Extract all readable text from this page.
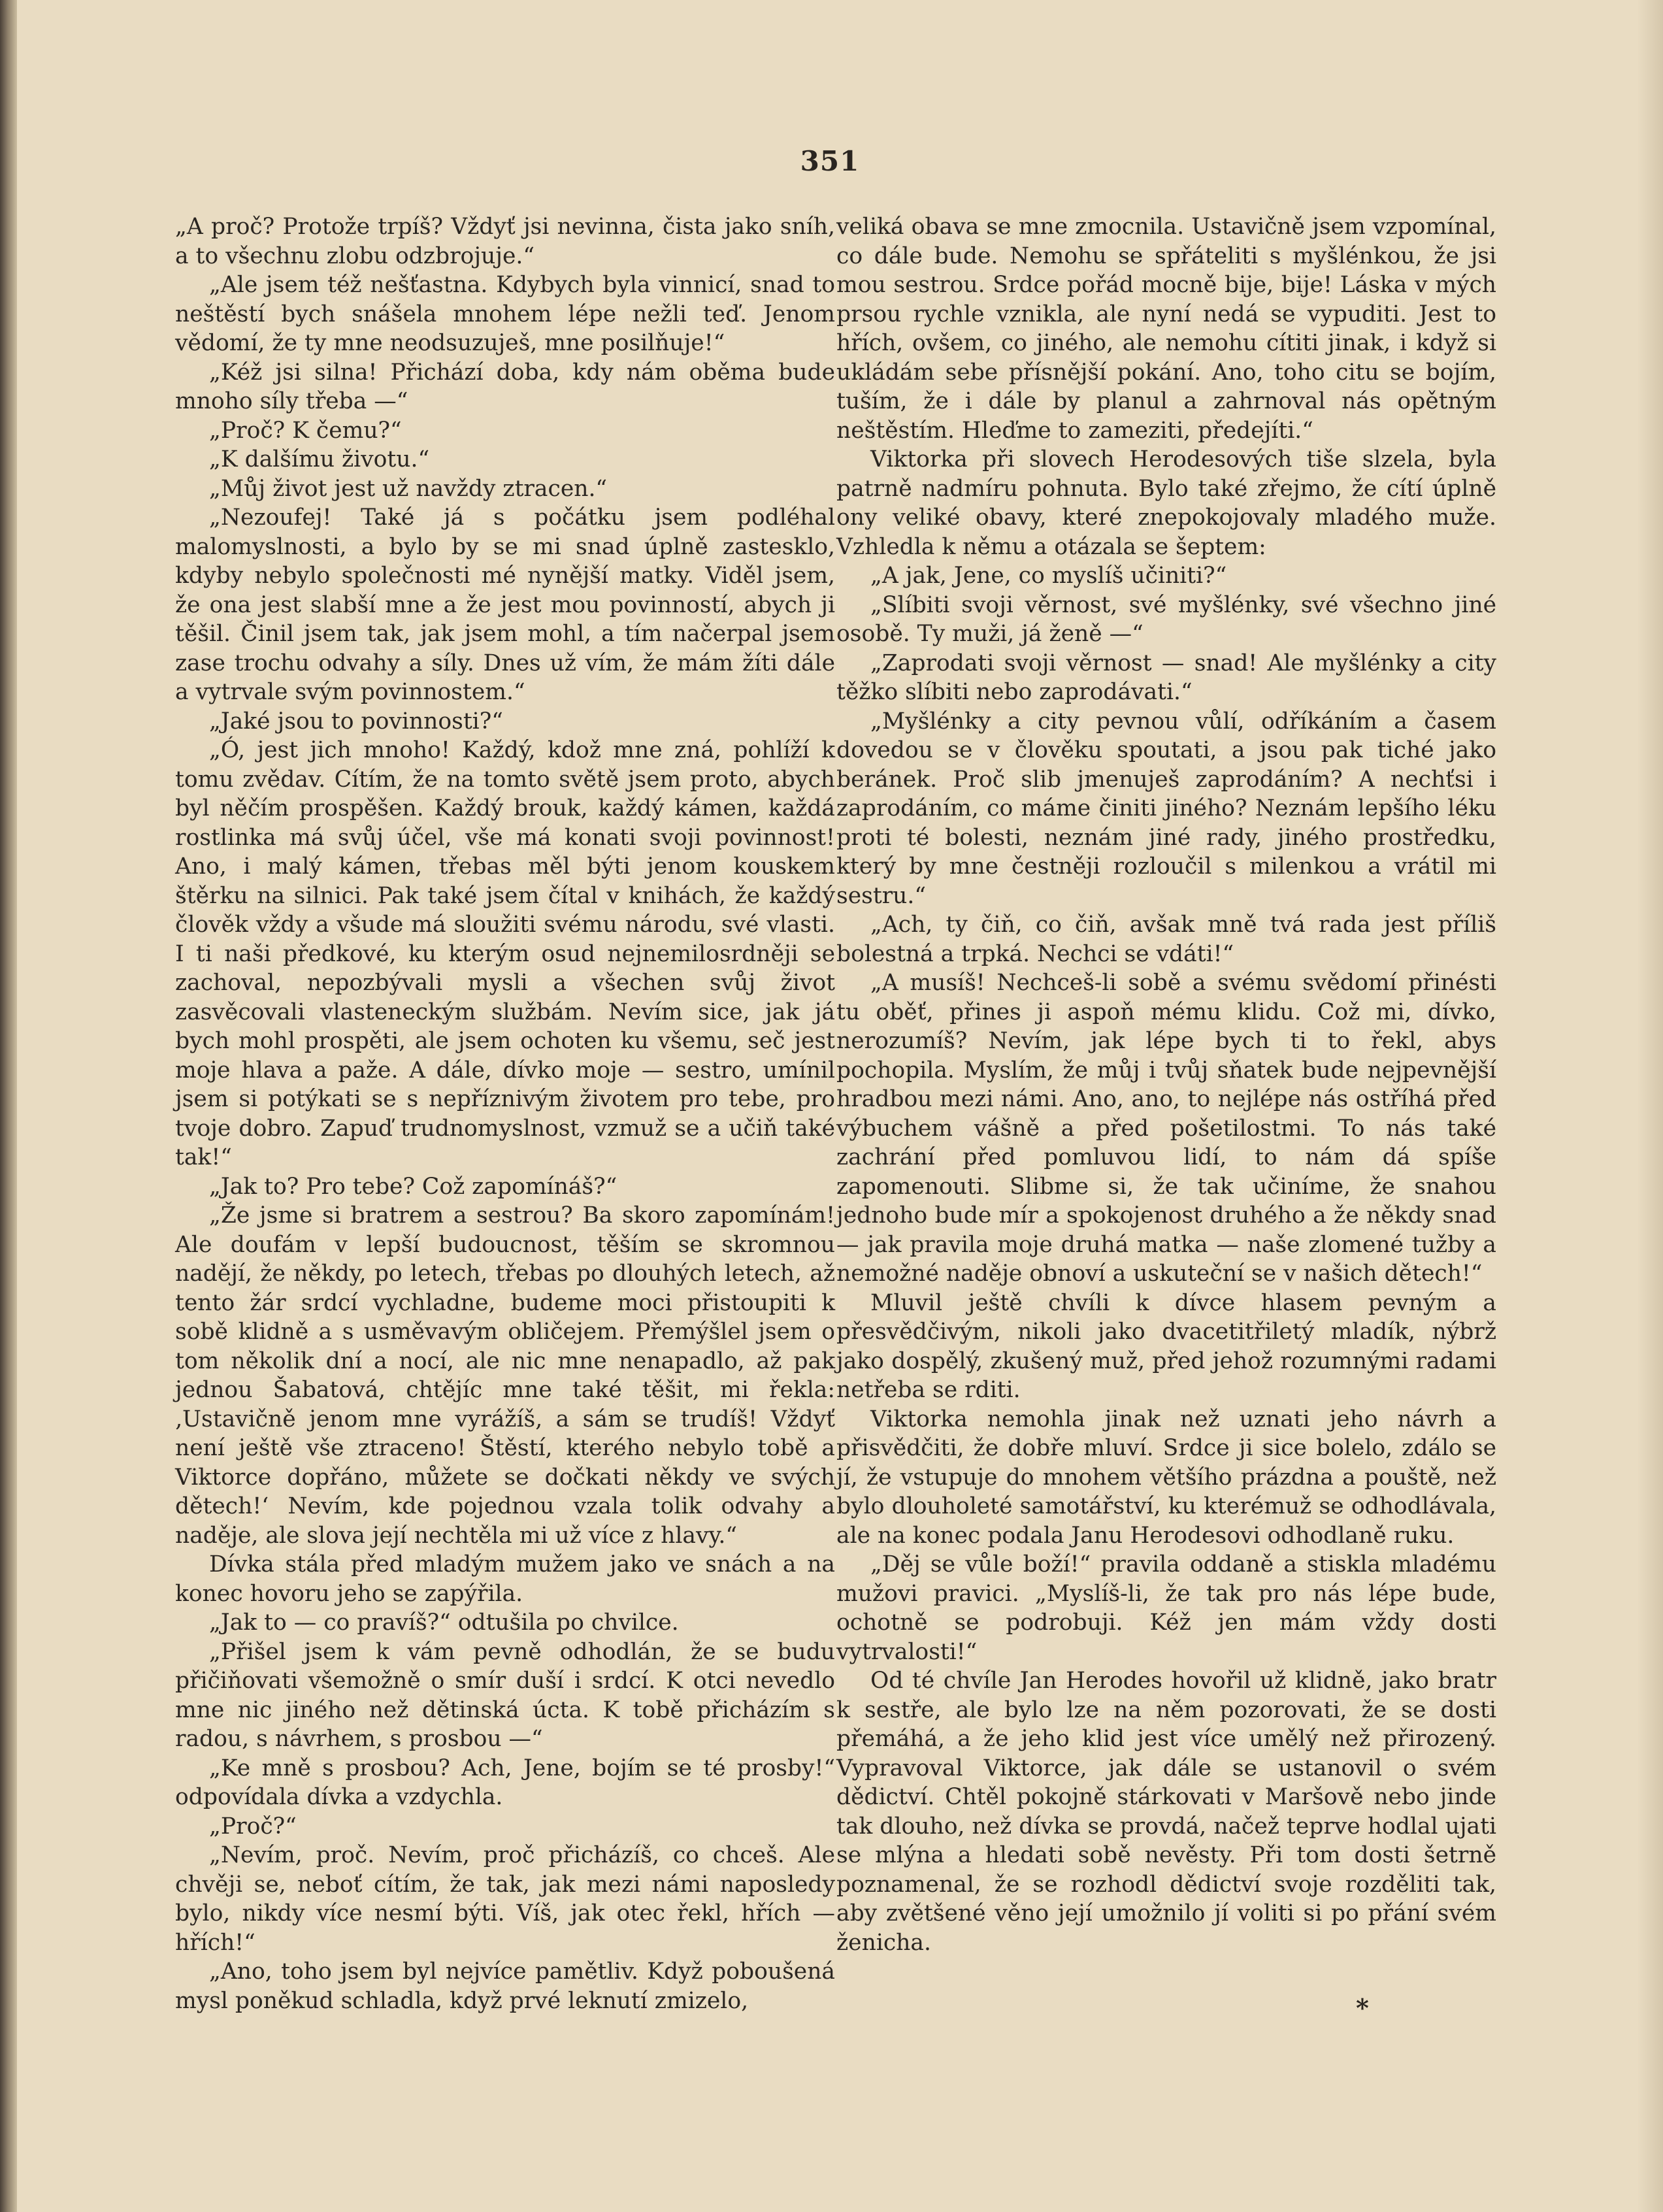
351

„A proč? Protože trpíš? Vždyť jsi nevinna, čista jako sníh, a to všechnu zlobu odzbrojuje.“

„Ale jsem též nešťastna. Kdybych byla vinnicí, snad to neštěstí bych snášela mnohem lépe nežli teď. Jenom vědomí, že ty mne neodsuzuješ, mne posilňuje!“

„Kéž jsi silna! Přichází doba, kdy nám oběma bude mnoho síly třeba —“

„Proč? K čemu?“

„K dalšímu životu.“

„Můj život jest už navždy ztracen.“

„Nezoufej! Také já s počátku jsem podléhal malomyslnosti, a bylo by se mi snad úplně zastesklo, kdyby nebylo společnosti mé nynější matky. Viděl jsem, že ona jest slabší mne a že jest mou povinností, abych ji těšil. Činil jsem tak, jak jsem mohl, a tím načerpal jsem zase trochu odvahy a síly. Dnes už vím, že mám žíti dále a vytrvale svým povinnostem.“

„Jaké jsou to povinnosti?“

„Ó, jest jich mnoho! Každý, kdož mne zná, pohlíží k tomu zvědav. Cítím, že na tomto světě jsem proto, abych byl něčím prospěšen. Každý brouk, každý kámen, každá rostlinka má svůj účel, vše má konati svoji povinnost! Ano, i malý kámen, třebas měl býti jenom kouskem štěrku na silnici. Pak také jsem čítal v knihách, že každý člověk vždy a všude má sloužiti svému národu, své vlasti. I ti naši předkové, ku kterým osud nejnemilosrdněji se zachoval, nepozbývali mysli a všechen svůj život zasvěcovali vlasteneckým službám. Nevím sice, jak já bych mohl prospěti, ale jsem ochoten ku všemu, seč jest moje hlava a paže. A dále, dívko moje — sestro, umínil jsem si potýkati se s nepříznivým životem pro tebe, pro tvoje dobro. Zapuď trudnomyslnost, vzmuž se a učiň také tak!“

„Jak to? Pro tebe? Což zapomínáš?“

„Že jsme si bratrem a sestrou? Ba skoro zapomínám! Ale doufám v lepší budoucnost, těším se skromnou nadějí, že někdy, po letech, třebas po dlouhých letech, až tento žár srdcí vychladne, budeme moci přistoupiti k sobě klidně a s usměvavým obličejem. Přemýšlel jsem o tom několik dní a nocí, ale nic mne nenapadlo, až pak jednou Šabatová, chtějíc mne také těšit, mi řekla: ‚Ustavičně jenom mne vyrážíš, a sám se trudíš! Vždyť není ještě vše ztraceno! Štěstí, kterého nebylo tobě a Viktorce dopřáno, můžete se dočkati někdy ve svých dětech!‘ Nevím, kde pojednou vzala tolik odvahy a naděje, ale slova její nechtěla mi už více z hlavy.“

Dívka stála před mladým mužem jako ve snách a na konec hovoru jeho se zapýřila.

„Jak to — co pravíš?“ odtušila po chvilce.

„Přišel jsem k vám pevně odhodlán, že se budu přičiňovati všemožně o smír duší i srdcí. K otci nevedlo mne nic jiného než dětinská úcta. K tobě přicházím s radou, s návrhem, s prosbou —“

„Ke mně s prosbou? Ach, Jene, bojím se té prosby!“ odpovídala dívka a vzdychla.

„Proč?“

„Nevím, proč. Nevím, proč přicházíš, co chceš. Ale chvěji se, neboť cítím, že tak, jak mezi námi naposledy bylo, nikdy více nesmí býti. Víš, jak otec řekl, hřích — hřích!“

„Ano, toho jsem byl nejvíce pamětliv. Když poboušená mysl poněkud schladla, když prvé leknutí zmizelo,

veliká obava se mne zmocnila. Ustavičně jsem vzpomínal, co dále bude. Nemohu se spřáteliti s myšlénkou, že jsi mou sestrou. Srdce pořád mocně bije, bije! Láska v mých prsou rychle vznikla, ale nyní nedá se vypuditi. Jest to hřích, ovšem, co jiného, ale nemohu cítiti jinak, i když si ukládám sebe přísnější pokání. Ano, toho citu se bojím, tuším, že i dále by planul a zahrnoval nás opětným neštěstím. Hleďme to zameziti, předejíti.“

Viktorka při slovech Herodesových tiše slzela, byla patrně nadmíru pohnuta. Bylo také zřejmo, že cítí úplně ony veliké obavy, které znepokojovaly mladého muže. Vzhledla k němu a otázala se šeptem:

„A jak, Jene, co myslíš učiniti?“

„Slíbiti svoji věrnost, své myšlénky, své všechno jiné osobě. Ty muži, já ženě —“

„Zaprodati svoji věrnost — snad! Ale myšlénky a city těžko slíbiti nebo zaprodávati.“

„Myšlénky a city pevnou vůlí, odříkáním a časem dovedou se v člověku spoutati, a jsou pak tiché jako beránek. Proč slib jmenuješ zaprodáním? A nechťsi i zaprodáním, co máme činiti jiného? Neznám lepšího léku proti té bolesti, neznám jiné rady, jiného prostředku, který by mne čestněji rozloučil s milenkou a vrátil mi sestru.“

„Ach, ty čiň, co čiň, avšak mně tvá rada jest příliš bolestná a trpká. Nechci se vdáti!“

„A musíš! Nechceš-li sobě a svému svědomí přinésti tu oběť, přines ji aspoň mému klidu. Což mi, dívko, nerozumíš? Nevím, jak lépe bych ti to řekl, abys pochopila. Myslím, že můj i tvůj sňatek bude nejpevnější hradbou mezi námi. Ano, ano, to nejlépe nás ostříhá před výbuchem vášně a před pošetilostmi. To nás také zachrání před pomluvou lidí, to nám dá spíše zapomenouti. Slibme si, že tak učiníme, že snahou jednoho bude mír a spokojenost druhého a že někdy snad — jak pravila moje druhá matka — naše zlomené tužby a nemožné naděje obnoví a uskuteční se v našich dětech!“

Mluvil ještě chvíli k dívce hlasem pevným a přesvědčivým, nikoli jako dvacetitřiletý mladík, nýbrž jako dospělý, zkušený muž, před jehož rozumnými radami netřeba se rditi.

Viktorka nemohla jinak než uznati jeho návrh a přisvědčiti, že dobře mluví. Srdce ji sice bolelo, zdálo se jí, že vstupuje do mnohem většího prázdna a pouště, než bylo dlouholeté samotářství, ku kterémuž se odhodlávala, ale na konec podala Janu Herodesovi odhodlaně ruku.

„Děj se vůle boží!“ pravila oddaně a stiskla mladému mužovi pravici. „Myslíš-li, že tak pro nás lépe bude, ochotně se podrobuji. Kéž jen mám vždy dosti vytrvalosti!“

Od té chvíle Jan Herodes hovořil už klidně, jako bratr k sestře, ale bylo lze na něm pozorovati, že se dosti přemáhá, a že jeho klid jest více umělý než přirozený. Vypravoval Viktorce, jak dále se ustanovil o svém dědictví. Chtěl pokojně stárkovati v Maršově nebo jinde tak dlouho, než dívka se provdá, načež teprve hodlal ujati se mlýna a hledati sobě nevěsty. Při tom dosti šetrně poznamenal, že se rozhodl dědictví svoje rozděliti tak, aby zvětšené věno její umožnilo jí voliti si po přání svém ženicha.

*
